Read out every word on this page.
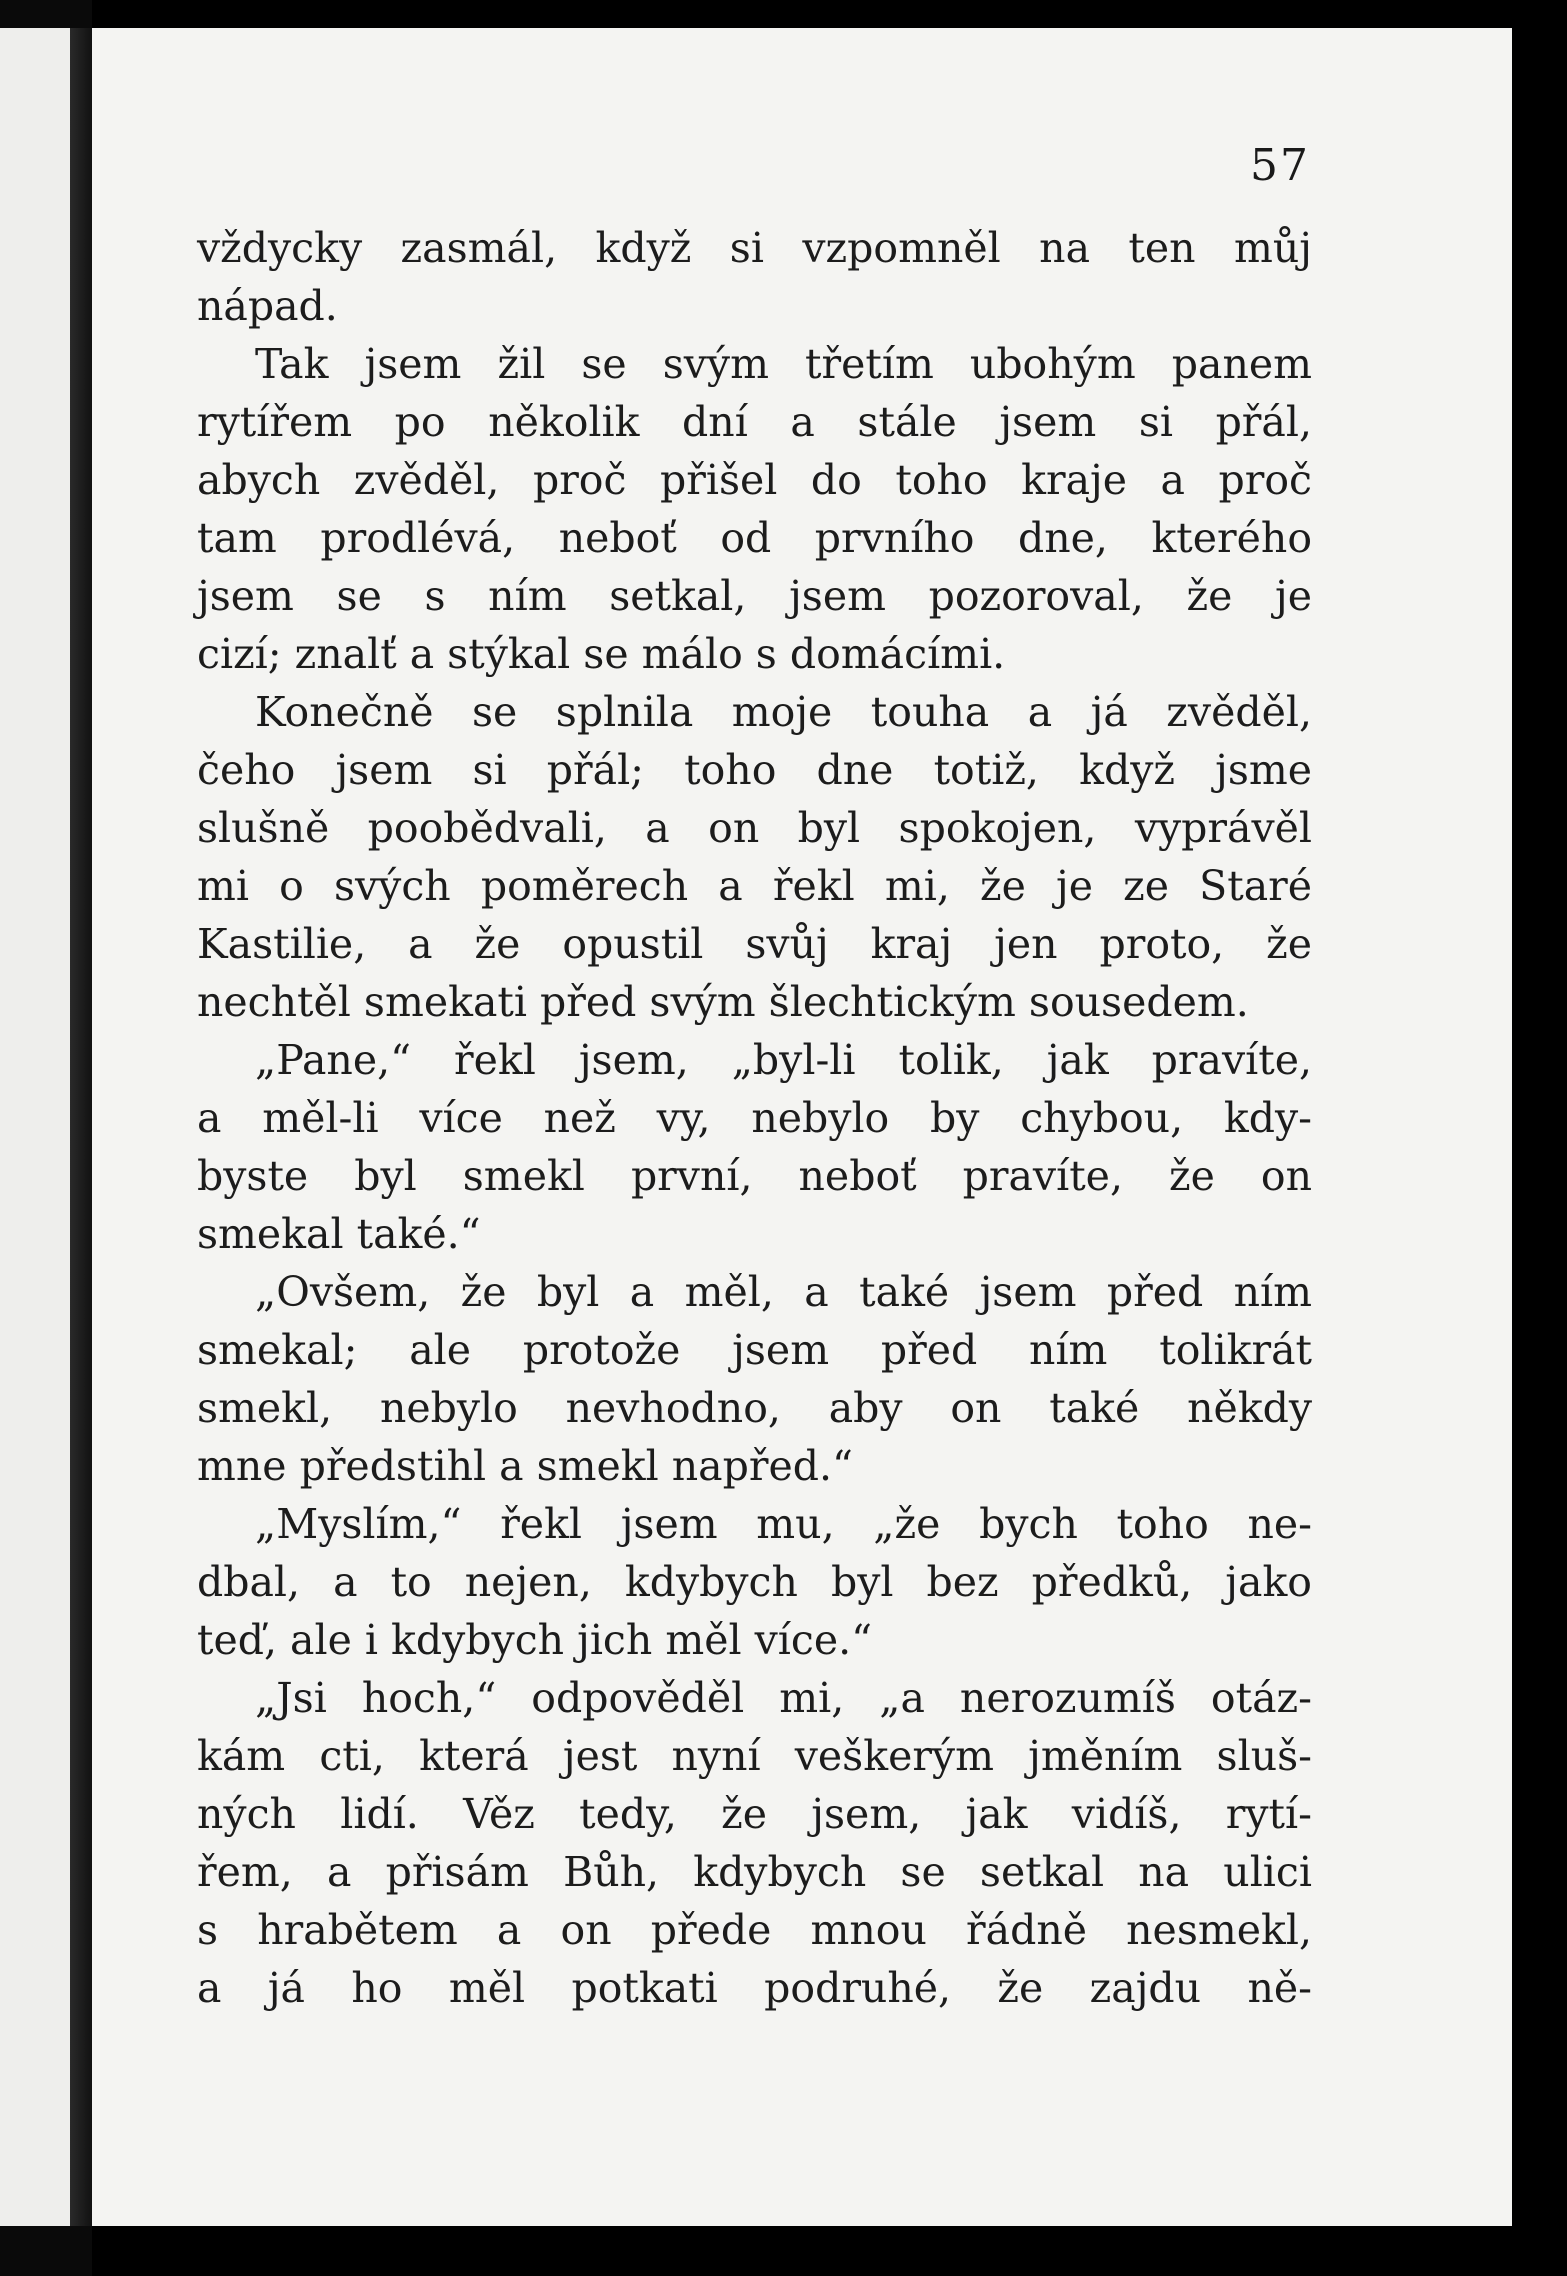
57
vždycky zasmál, když si vzpomněl na ten můj
nápad.
Tak jsem žil se svým třetím ubohým panem
rytířem po několik dní a stále jsem si přál,
abych zvěděl, proč přišel do toho kraje a proč
tam prodlévá, neboť od prvního dne, kterého
jsem se s ním setkal, jsem pozoroval, že je
cizí; znalť a stýkal se málo s domácími.
Konečně se splnila moje touha a já zvěděl,
čeho jsem si přál; toho dne totiž, když jsme
slušně poobědvali, a on byl spokojen, vyprávěl
mi o svých poměrech a řekl mi, že je ze Staré
Kastilie, a že opustil svůj kraj jen proto, že
nechtěl smekati před svým šlechtickým sousedem.
„Pane,“ řekl jsem, „byl-li tolik, jak pravíte,
a měl-li více než vy, nebylo by chybou, kdy-
byste byl smekl první, neboť pravíte, že on
smekal také.“
„Ovšem, že byl a měl, a také jsem před ním
smekal; ale protože jsem před ním tolikrát
smekl, nebylo nevhodno, aby on také někdy
mne předstihl a smekl napřed.“
„Myslím,“ řekl jsem mu, „že bych toho ne-
dbal, a to nejen, kdybych byl bez předků, jako
teď, ale i kdybych jich měl více.“
„Jsi hoch,“ odpověděl mi, „a nerozumíš otáz-
kám cti, která jest nyní veškerým jměním sluš-
ných lidí. Věz tedy, že jsem, jak vidíš, rytí-
řem, a přisám Bůh, kdybych se setkal na ulici
s hrabětem a on přede mnou řádně nesmekl,
a já ho měl potkati podruhé, že zajdu ně-
